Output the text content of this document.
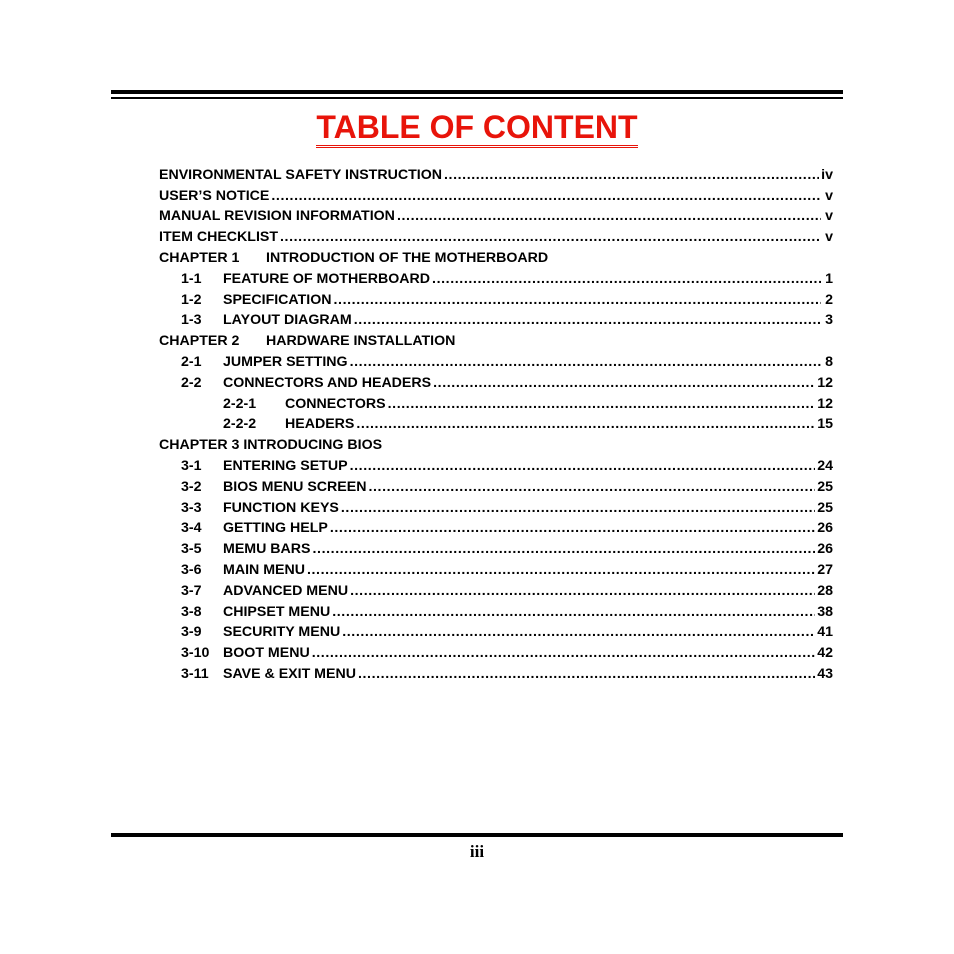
TABLE OF CONTENT
ENVIRONMENTAL SAFETY INSTRUCTION .....	iv
USER’S NOTICE .....	v
MANUAL REVISION INFORMATION .....	v
ITEM CHECKLIST .....	v
CHAPTER 1	INTRODUCTION OF THE MOTHERBOARD
1-1	FEATURE OF MOTHERBOARD .....	1
1-2	SPECIFICATION .....	2
1-3	LAYOUT DIAGRAM .....	3
CHAPTER 2	HARDWARE INSTALLATION
2-1	JUMPER SETTING .....	8
2-2	CONNECTORS AND HEADERS .....	12
2-2-1	CONNECTORS .....	12
2-2-2	HEADERS .....	15
CHAPTER 3 INTRODUCING BIOS
3-1	ENTERING SETUP .....	24
3-2	BIOS MENU SCREEN .....	25
3-3	FUNCTION KEYS .....	25
3-4	GETTING HELP .....	26
3-5	MEMU BARS .....	26
3-6	MAIN MENU .....	27
3-7	ADVANCED MENU .....	28
3-8	CHIPSET MENU .....	38
3-9	SECURITY MENU .....	41
3-10 BOOT MENU .....	42
3-11	SAVE & EXIT MENU .....	43
iii
